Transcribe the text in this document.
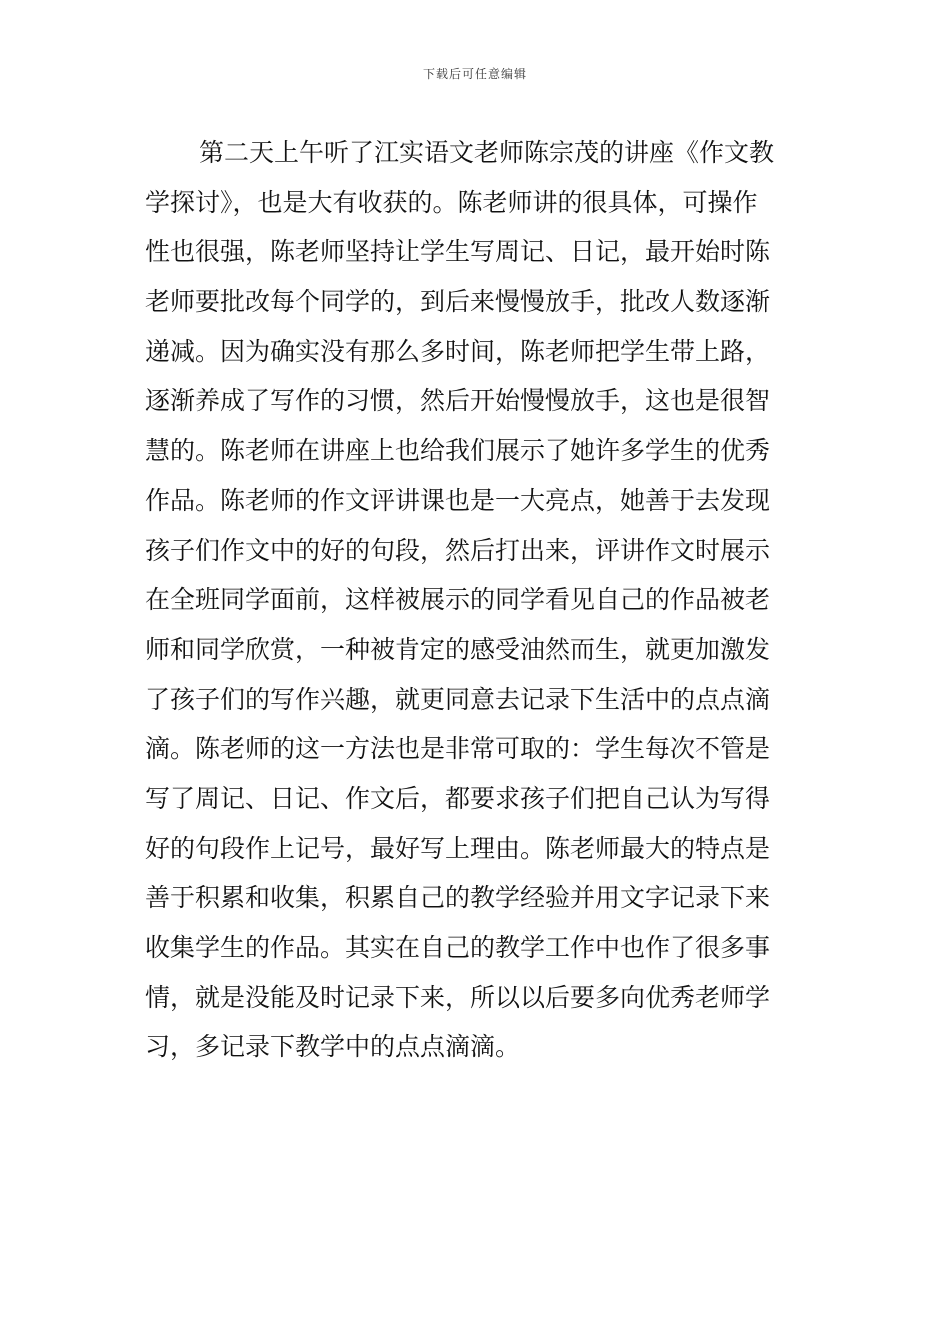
下载后可任意编辑
第二天上午听了江实语文老师陈宗茂的讲座《作文教
学探讨》，也是大有收获的。陈老师讲的很具体，可操作
性也很强，陈老师坚持让学生写周记、日记，最开始时陈
老师要批改每个同学的，到后来慢慢放手，批改人数逐渐
递减。因为确实没有那么多时间，陈老师把学生带上路，
逐渐养成了写作的习惯，然后开始慢慢放手，这也是很智
慧的。陈老师在讲座上也给我们展示了她许多学生的优秀
作品。陈老师的作文评讲课也是一大亮点，她善于去发现
孩子们作文中的好的句段，然后打出来，评讲作文时展示
在全班同学面前，这样被展示的同学看见自己的作品被老
师和同学欣赏，一种被肯定的感受油然而生，就更加激发
了孩子们的写作兴趣，就更同意去记录下生活中的点点滴
滴。陈老师的这一方法也是非常可取的：学生每次不管是
写了周记、日记、作文后，都要求孩子们把自己认为写得
好的句段作上记号，最好写上理由。陈老师最大的特点是
善于积累和收集，积累自己的教学经验并用文字记录下来
收集学生的作品。其实在自己的教学工作中也作了很多事
情，就是没能及时记录下来，所以以后要多向优秀老师学
习，多记录下教学中的点点滴滴。
